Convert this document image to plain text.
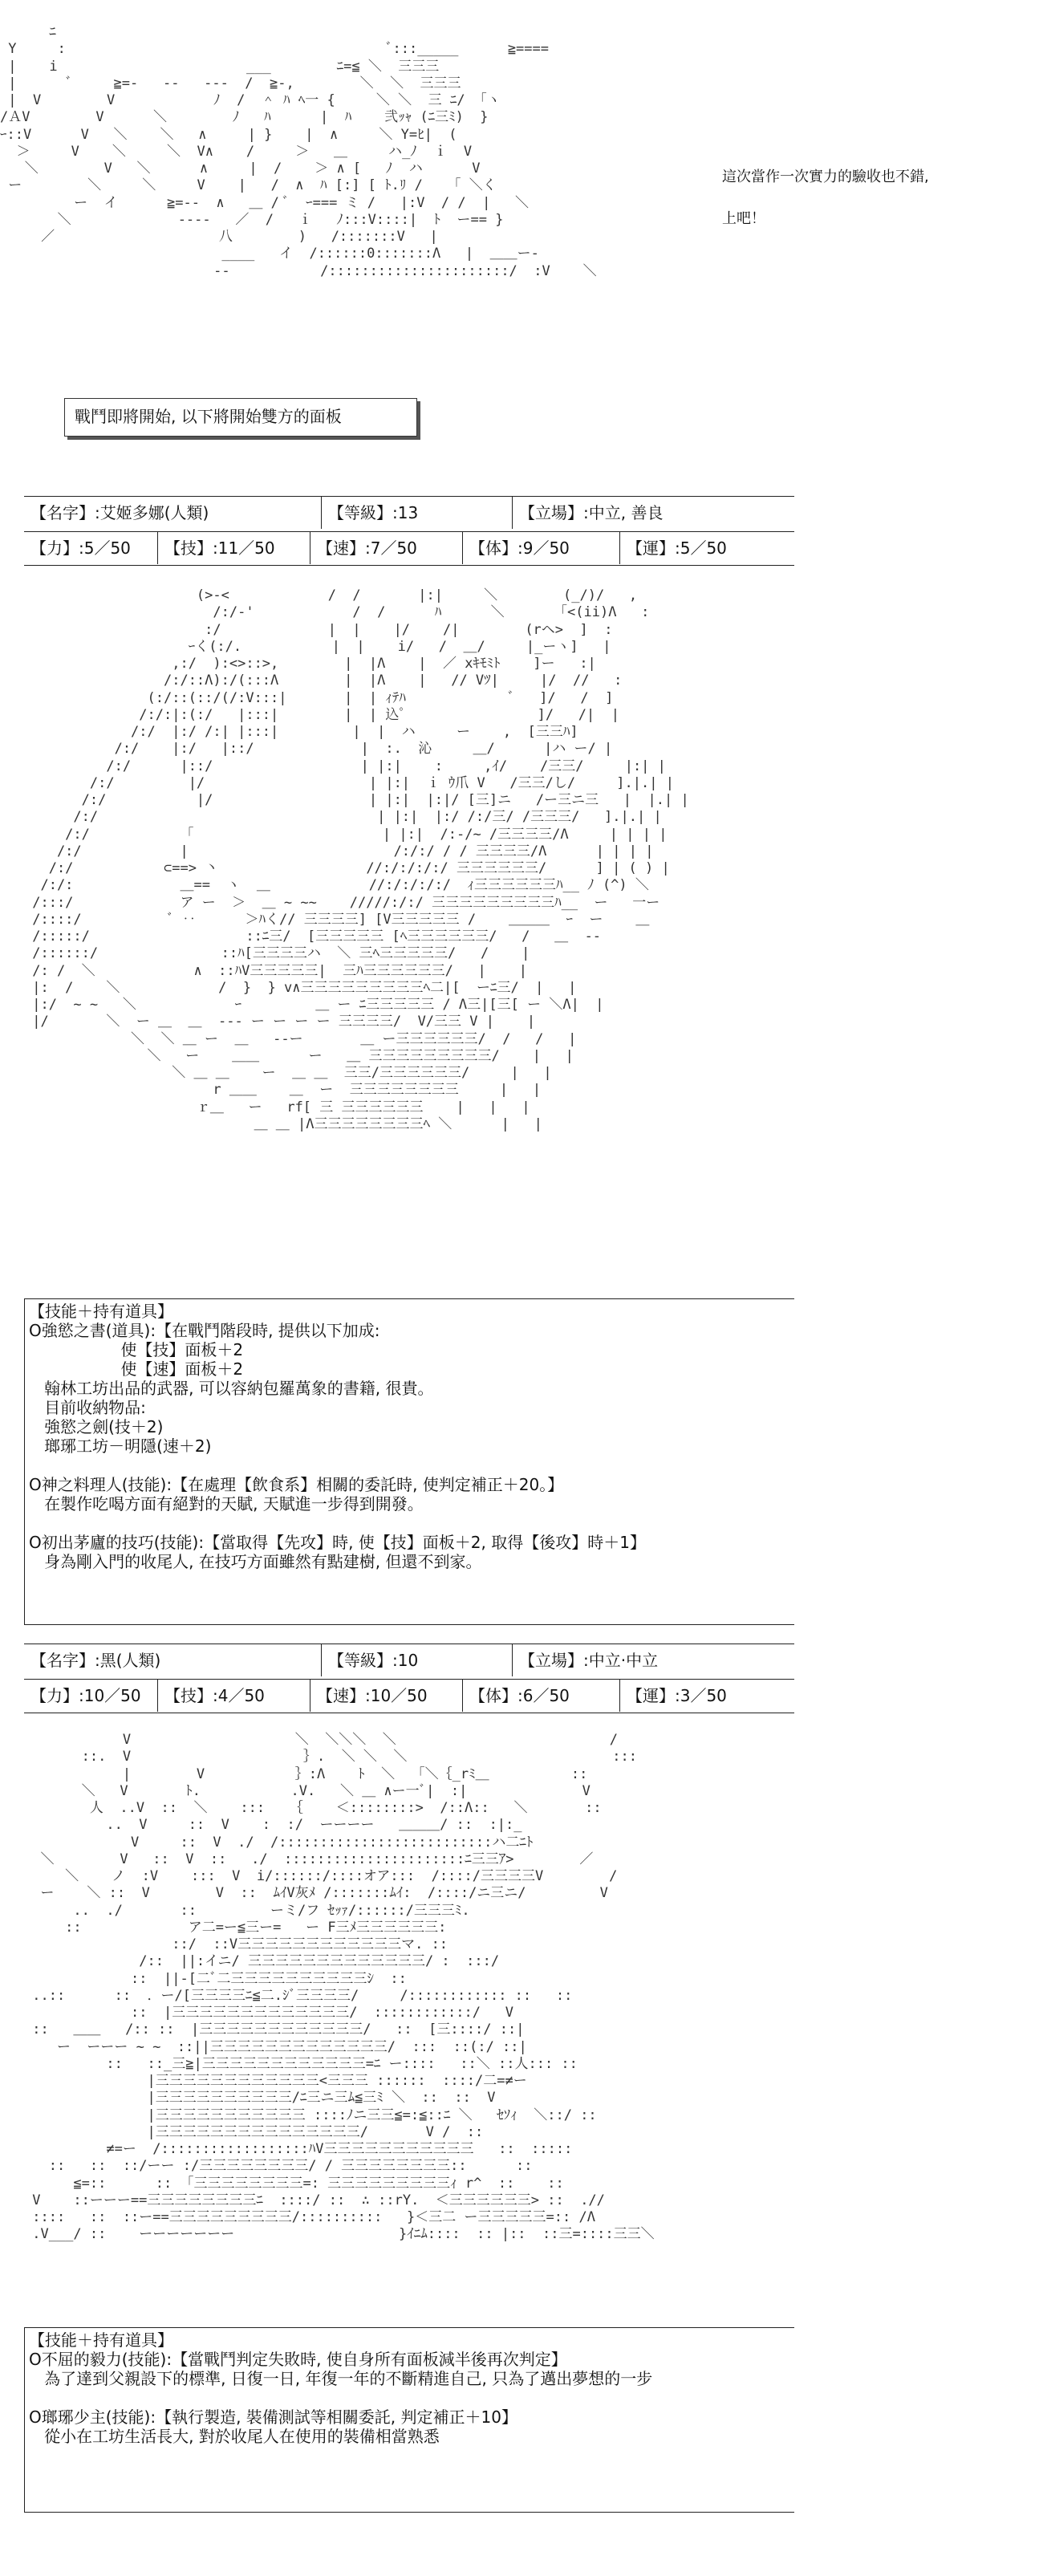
ﾆ
Y     :                                       ﾞ:::_____      ≧====
|    i                       ___        ﾆ=≦ ＼  三三三
|      ﾞ     ≧=-   --   ---  /  ≧-,        ＼  ＼  三三三
|  V        V            ﾉ  /  ＾ ﾊ ﾍ一 {     ＼ ＼  三 ﾆ/ 「ヽ
/ＡV        V      ＼        ﾉ   ﾊ      |  ﾊ    弐ｯｬ (ﾆ三ﾐ)  }
ｰ::V      V   ＼    ＼   ∧     | }    |  ∧     ＼ Y=ﾋ|  (
＞     V    ＼     ＼  V∧    /     ＞   ＿     ハ_ﾉ  ｉ  V
＼        V   ＼      ∧     |  /    ＞ ∧ [   ﾉ  ハ      V
ー        ＼     ＼     V    |   /  ∧  ﾊ [:] [ ﾄ.ﾘ /   「 ＼く
ー  イ      ≧=--  ∧   ＿ / ﾞ  ｰ=== ミ /   |:V  / /  |   ＼
＼             ----   ／  /   ｉ   ﾉ:::V::::|  ﾄ  ー== }
／                    八        )   /:::::::V   |
____   イ  /::::::0:::::::Λ   |  ＿＿ー-
--           /::::::::::::::::::::::/  :V    ＼
這次當作一次實力的驗收也不錯,
上吧！
戰鬥即將開始, 以下將開始雙方的面板
【名字】:艾姬多娜(人類)	【等級】:13	【立場】:中立, 善良
【力】:5／50	【技】:11／50	【速】:7／50	【体】:9／50	【運】:5／50
(>-<            /  /       |:|     ＼        (_/)/   ,
/:/-'            /  /      ﾊ      ＼      「<(ii)Λ   :
:/             |  |    |/    /|        (rヘ>  ]  :
ｰく(:/.           |  |    i/   /  ＿/     |_ーヽ]   |
,:/  ):<>::>,        |  |Λ    |  ／ xｷﾓﾐﾄ    ]ー   :|
/:/::Λ):/(:::Λ        |  |Λ    |   // Vﾂ|     |/  //   :
(:/::(::/(/:V:::|       |  | ｨﾃﾊ             ﾞ   ]/   /  ]
/:/:|:(:/   |:::|        |  | 込ﾟ                ]/   /|  |
/:/  |:/ /:| |:::|         |  |  ハ     ー    ,  [三三ﾊ]
/:/    |:/   |::/             |  :.  沁     ＿/      |ハ ー/ |
/:/      |::/                  | |:|    :     ,ｲ/    /三三/     |:| |
/:/         |/                    | |:|  ｉ ｳ爪 V   /三三/し/     ].|.| |
/:/           |/                   | |:|  |:|/ [三]ニ   /ー三ニ三   |  |.| |
/:/                                  | |:|  |:/ /:/三/ /三三三/   ].|.| |
/:/           「                       | |:|  /:-/~ /三三三三/Λ     | | | |
/:/            |                         /:/:/ / / 三三三三/Λ      | | | |
/:/           ⊂==> 丶                  //:/:/:/:/ 三三三三三三/      ] | ( ) |
/:/:             ＿==  ヽ  ＿            //:/:/:/:/  ｨ三三三三三三ﾊ__ ﾉ (^) ＼
/:::/             ア ー  ＞  ＿ ~ ~~    /////:/:/ 三三三三三三三三三ﾊ__  ー   一ー
/::::/           ﾞ ‥      ＞ﾊく// 三三三三] [V三三三三三 /    ＿＿＿  ｰ  ー    ＿
/:::::/                   ::ﾆ三/  [三三三三三 [ﾍ三三三三三三/   /   ＿  --
/::::::/               ::ﾊ[三三三三ハ  ＼ 三ﾍ三三三三三/   /    |
/: /  ＼            ∧  ::ﾊV三三三三三|  三ﾊ三三三三三三/   |    |
|:  /    ＼            /  }  } v∧三三三三三三三三三ﾍ二|[  ーﾆ三/  |   |
|:/  ~ ~   ＼            ｰ         ＿ ー ﾆ三三三三三 / Λ三|[三[ ー ＼Λ|  |
|/       ＼  ー ＿  ＿  --- ー ー ー ー 三三三三/  V/三三 V |    |
＼  ＼ ＿ ー  ＿   --ー       ＿ ー三三三三三三/  /   /   |
＼   ー    ＿＿      ー   ＿ 三三三三三三三三三/    |   |
＼ ＿ ＿    ー  ＿ ＿  三三/三三三三三三/     |   |
r ＿＿    ＿  ー  三三三三三三三三     |   |
ｒ＿   ー   rf[ 三 三三三三三三    |   |   |
＿ ＿ |Λ三三三三三三三三ﾍ ＼      |   |
【技能＋持有道具】
O強慾之書(道具):【在戰鬥階段時, 提供以下加成:
使【技】面板＋2
使【速】面板＋2
翰林工坊出品的武器, 可以容納包羅萬象的書籍, 很貴。
目前收納物品:
強慾之劍(技＋2)
瑯琊工坊－明隱(速＋2)

O神之料理人(技能):【在處理【飲食系】相關的委託時, 使判定補正＋20。】
在製作吃喝方面有絕對的天賦, 天賦進一步得到開發。

O初出茅廬的技巧(技能):【當取得【先攻】時, 使【技】面板＋2, 取得【後攻】時＋1】
身為剛入門的收尾人, 在技巧方面雖然有點建樹, 但還不到家。
【名字】:黑(人類)	【等級】:10	【立場】:中立·中立
【力】:10／50	【技】:4／50	【速】:10／50	【体】:6／50	【運】:3／50
V                    ＼  ＼＼＼  ＼                          /
::.  V                     ｝.  ＼ ＼  ＼                         :::
|        V           ｝:Λ    ﾄ  ＼  「＼｛_rﾐ＿          ::
＼   V       ﾄ.           .V.   ＼ ＿ ∧ー一ﾞ|  :|              V
人  ..V  ::  ＼    :::   ｛    ＜::::::::>  /::Λ::   ＼       ::
..  V     ::  V    :  :/  ーーーー   ＿＿＿/ ::  :|:_
V     ::  V  ./  /::::::::::::::::::::::::::ハ二ﾆﾄ
＼        V   ::  V  ::   ./  ::::::::::::::::::::::ﾆ三三ｱ>        ／
＼    ノ  :V    :::  V  i/::::::/::::オア:::  /::::/三三三三V        /
ー    ＼ ::  V        V  ::  ﾑｲV灰ﾒ /:::::::ﾑｲ:  /::::/ニ三ニ/         V
..  ./       ::         ーミ/フ ｾｯｧ/::::::/三三三ﾐ.
::             ア二=ー≦三ー=   ー F三ﾒ三三三三三三:
::/  ::V三三三三三三三三三三三三マ. ::
/::  ||:イニ/ 三三三三三三三三三三三三三/ :  :::/
::  ||-[二ﾞ二三三三三三三三三三三ｼ  ::
..::      ::  ．ー/[三三三三ﾆ≦二.ｼﾞ三三三三/     /:::::::::::: ::   ::
::  |三三三三三三三三三三三三三/  ::::::::::::/   V
::   ＿＿   /:: ::  |三三三三三三三三三三三三/   ::  [三::::/ ::|
ー  ーーー ~ ~  ::||三三三三三三三三三三三三三/  :::  ::(:/ ::|
::   ::_三≧|三三三三三三三三三三三三=ﾆ ー::::   ::＼ ::人::: ::
|三三三三三三三三三三三三<三三三 ::::::  ::::/二=≠ー
|三三三三三三三三三三/ﾆ三ニ三ﾑ≦三ﾐ ＼  ::  ::  V
|三三三三三三三三三三三 ::::ﾉニ三三≦=:≦::ﾆ ＼   ｾｿｨ  ＼::/ ::
|三三三三三三三三三三三三三三三/       V /  ::
≠=ー  /::::::::::::::::::ﾊV三三三三三三三三三三三   ::  :::::
::   ::  ::/ーー :/三三三三三三三三/ / 三三三三三三三三::      ::
≦=::      :: 「三三三三三三三三=: 三三三三三三三三三ｨ r^  ::    ::
V    ::ーーー==三三三三三三三三ﾆ  ::::/ ::  ∴ ::rY.  ＜三三三三三三> ::  .//
::::   ::  ::ー==三三三三三三三三三/::::::::::   }＜三二 ー三三三三三=:: /Λ
.V___/ ::    ーーーーーーー                    }ｲﾆﾑ::::  :: |::  ::三=::::三三＼
【技能＋持有道具】
O不屈的毅力(技能):【當戰鬥判定失敗時, 使自身所有面板減半後再次判定】
為了達到父親設下的標準, 日復一日, 年復一年的不斷精進自己, 只為了邁出夢想的一步

O瑯琊少主(技能):【執行製造, 裝備測試等相關委託, 判定補正＋10】
從小在工坊生活長大, 對於收尾人在使用的裝備相當熟悉
